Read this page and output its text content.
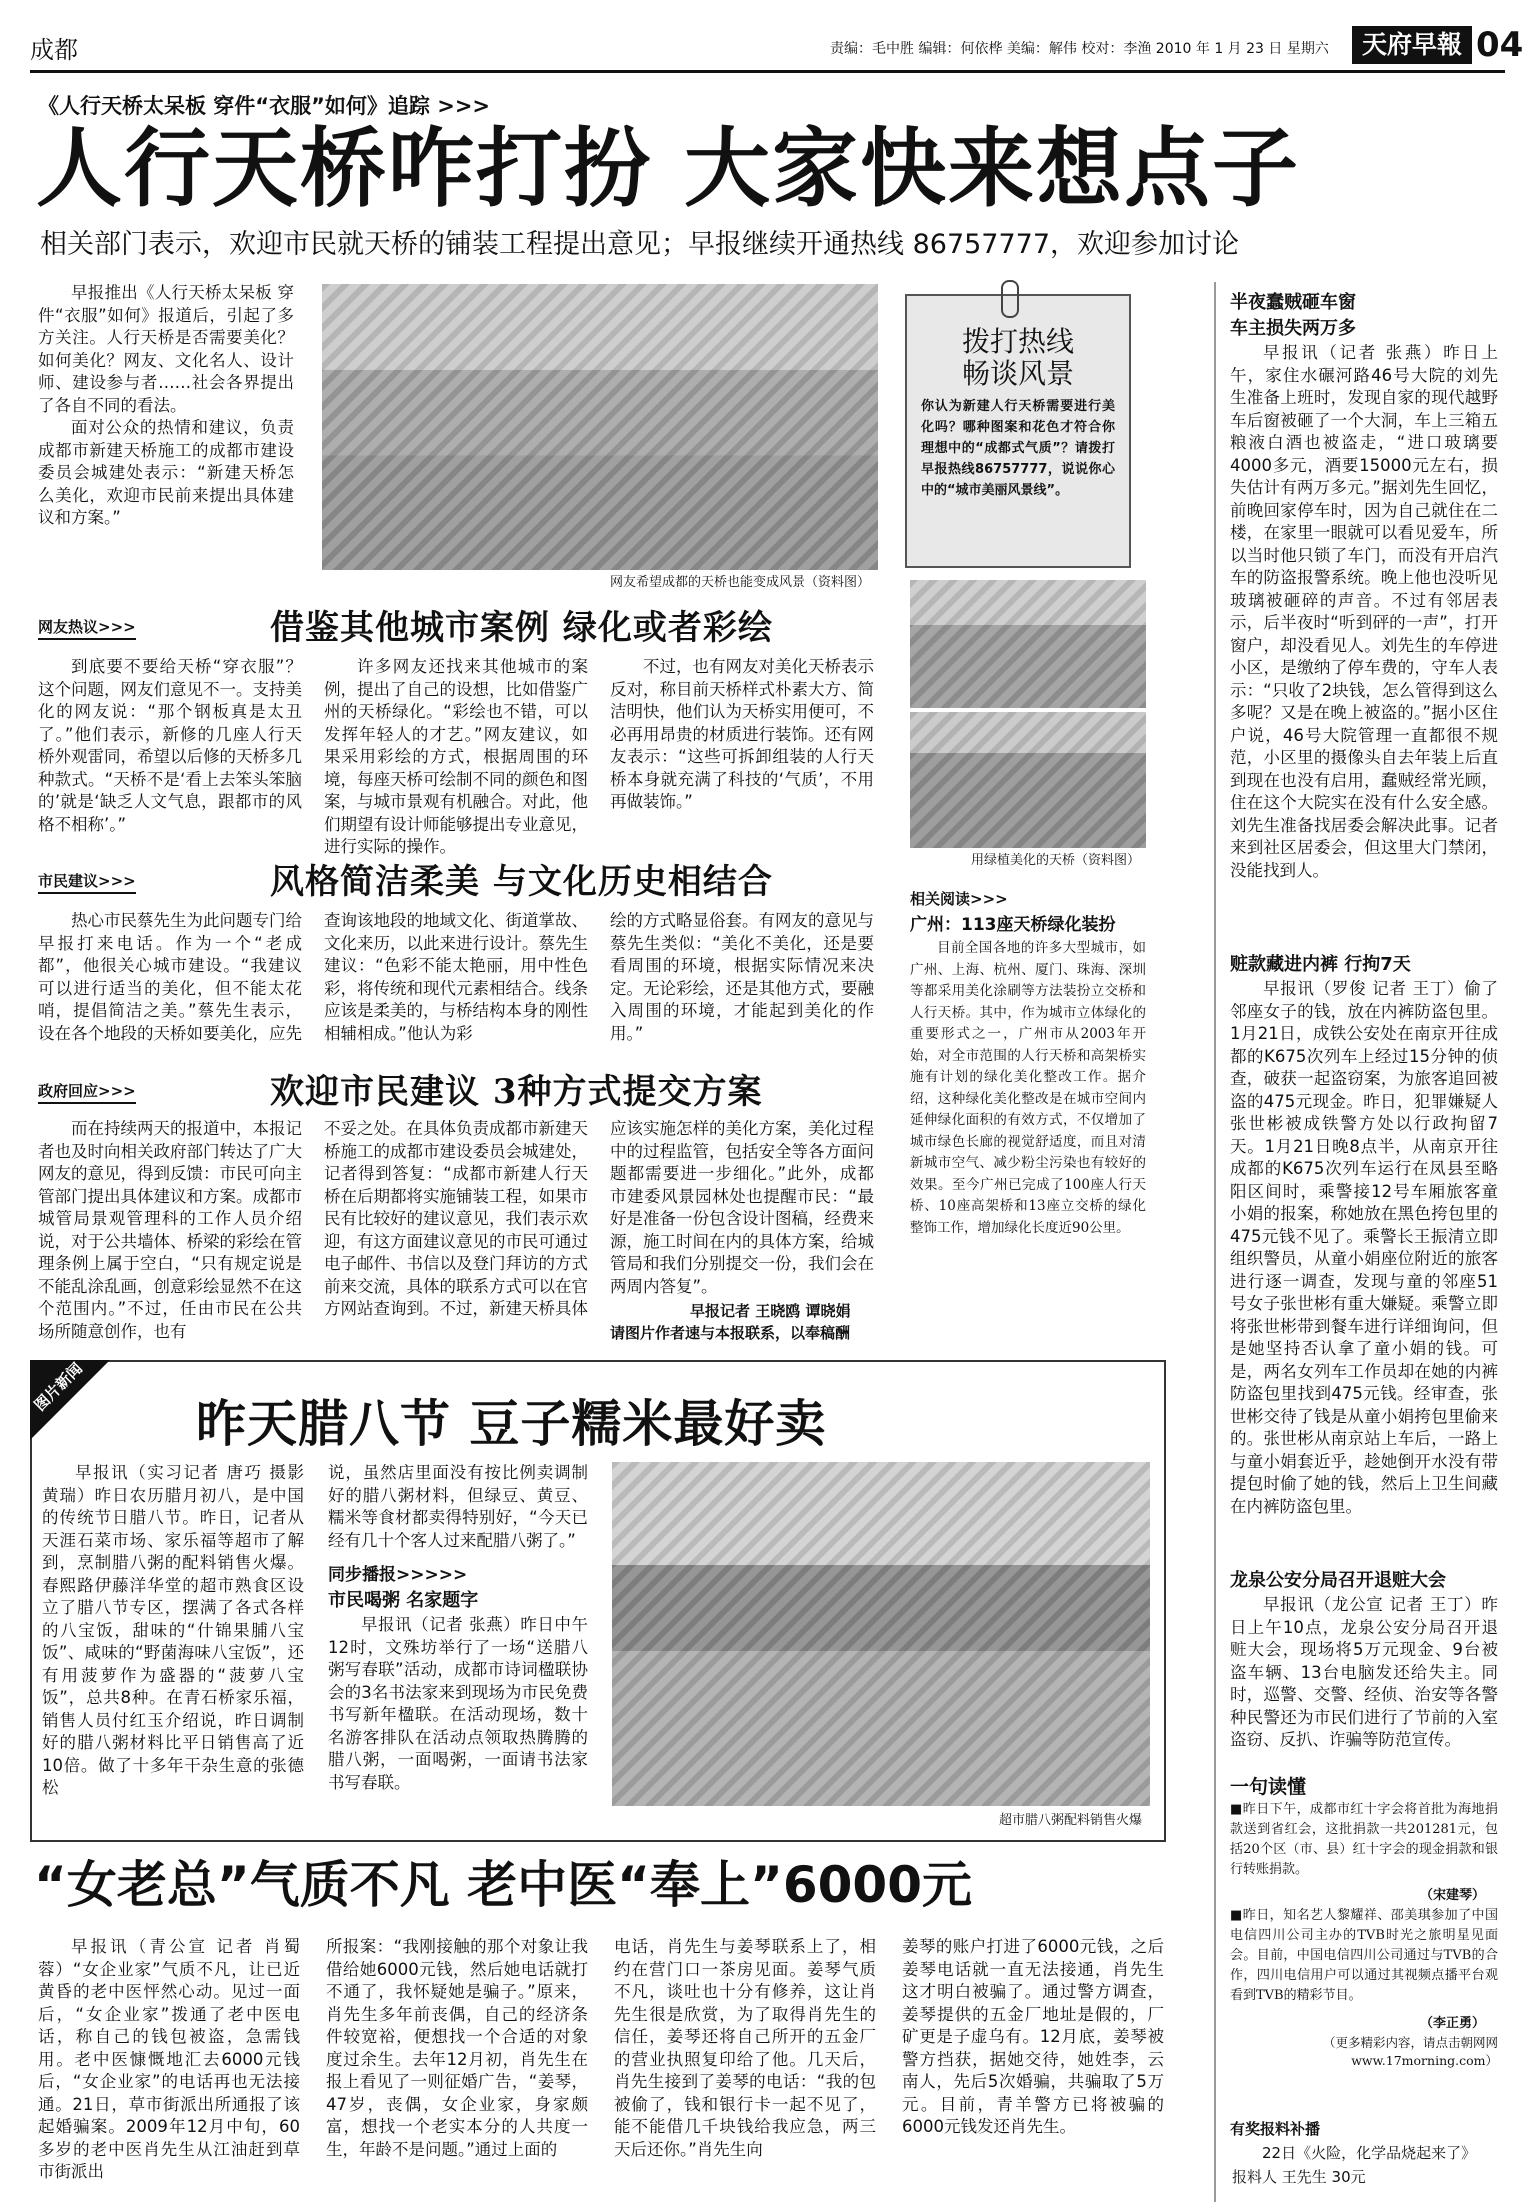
成都	责编：毛中胜 编辑：何依桦 美编：解伟 校对：李渔 2010 年 1 月 23 日 星期六	天府早報 04
《人行天桥太呆板 穿件“衣服”如何》追踪 >>>
人行天桥咋打扮 大家快来想点子
相关部门表示，欢迎市民就天桥的铺装工程提出意见；早报继续开通热线 86757777，欢迎参加讨论

早报推出《人行天桥太呆板 穿件“衣服”如何》报道后，引起了多方关注。人行天桥是否需要美化？如何美化？网友、文化名人、设计师、建设参与者……社会各界提出了各自不同的看法。

面对公众的热情和建议，负责成都市新建天桥施工的成都市建设委员会城建处表示：“新建天桥怎么美化，欢迎市民前来提出具体建议和方案。”

网友希望成都的天桥也能变成风景（资料图）
拨打热线
畅谈风景
你认为新建人行天桥需要进行美化吗？哪种图案和花色才符合你理想中的“成都式气质”？请拨打早报热线86757777，说说你心中的“城市美丽风景线”。
网友热议>>>	借鉴其他城市案例 绿化或者彩绘
到底要不要给天桥“穿衣服”？这个问题，网友们意见不一。支持美化的网友说：“那个钢板真是太丑了。”他们表示，新修的几座人行天桥外观雷同，希望以后修的天桥多几种款式。“天桥不是‘看上去笨头笨脑的’就是‘缺乏人文气息，跟都市的风格不相称’。”
许多网友还找来其他城市的案例，提出了自己的设想，比如借鉴广州的天桥绿化。“彩绘也不错，可以发挥年轻人的才艺。”网友建议，如果采用彩绘的方式，根据周围的环境，每座天桥可绘制不同的颜色和图案，与城市景观有机融合。对此，他们期望有设计师能够提出专业意见，进行实际的操作。
不过，也有网友对美化天桥表示反对，称目前天桥样式朴素大方、简洁明快，他们认为天桥实用便可，不必再用昂贵的材质进行装饰。还有网友表示：“这些可拆卸组装的人行天桥本身就充满了科技的‘气质’，不用再做装饰。”
市民建议>>>	风格简洁柔美 与文化历史相结合
热心市民蔡先生为此问题专门给早报打来电话。作为一个“老成都”，他很关心城市建设。“我建议可以进行适当的美化，但不能太花哨，提倡简洁之美。”蔡先生表示，设在各个地段的天桥如要美化，应先
查询该地段的地域文化、街道掌故、文化来历，以此来进行设计。蔡先生建议：“色彩不能太艳丽，用中性色彩，将传统和现代元素相结合。线条应该是柔美的，与桥结构本身的刚性相辅相成。”他认为彩
绘的方式略显俗套。有网友的意见与蔡先生类似：“美化不美化，还是要看周围的环境，根据实际情况来决定。无论彩绘，还是其他方式，要融入周围的环境，才能起到美化的作用。”
政府回应>>>	欢迎市民建议 3种方式提交方案
而在持续两天的报道中，本报记者也及时向相关政府部门转达了广大网友的意见，得到反馈：市民可向主管部门提出具体建议和方案。成都市城管局景观管理科的工作人员介绍说，对于公共墙体、桥梁的彩绘在管理条例上属于空白，“只有规定说是不能乱涂乱画，创意彩绘显然不在这个范围内。”不过，任由市民在公共场所随意创作，也有
不妥之处。在具体负责成都市新建天桥施工的成都市建设委员会城建处，记者得到答复：“成都市新建人行天桥在后期都将实施铺装工程，如果市民有比较好的建议意见，我们表示欢迎，有这方面建议意见的市民可通过电子邮件、书信以及登门拜访的方式前来交流，具体的联系方式可以在官方网站查询到。不过，新建天桥具体
应该实施怎样的美化方案，美化过程中的过程监管，包括安全等各方面问题都需要进一步细化。”此外，成都市建委风景园林处也提醒市民：“最好是准备一份包含设计图稿，经费来源，施工时间在内的具体方案，给城管局和我们分别提交一份，我们会在两周内答复”。
早报记者 王晓鸥 谭晓娟
请图片作者速与本报联系，以奉稿酬
用绿植美化的天桥（资料图）
相关阅读>>>
广州：113座天桥绿化装扮
目前全国各地的许多大型城市，如广州、上海、杭州、厦门、珠海、深圳等都采用美化涂刷等方法装扮立交桥和人行天桥。其中，作为城市立体绿化的重要形式之一，广州市从2003年开始，对全市范围的人行天桥和高架桥实施有计划的绿化美化整改工作。据介绍，这种绿化美化整改是在城市空间内延伸绿化面积的有效方式，不仅增加了城市绿色长廊的视觉舒适度，而且对清新城市空气、减少粉尘污染也有较好的效果。至今广州已完成了100座人行天桥、10座高架桥和13座立交桥的绿化整饰工作，增加绿化长度近90公里。
半夜蠢贼砸车窗
车主损失两万多
早报讯（记者 张燕）昨日上午，家住水碾河路46号大院的刘先生准备上班时，发现自家的现代越野车后窗被砸了一个大洞，车上三箱五粮液白酒也被盗走，“进口玻璃要4000多元，酒要15000元左右，损失估计有两万多元。”据刘先生回忆，前晚回家停车时，因为自己就住在二楼，在家里一眼就可以看见爱车，所以当时他只锁了车门，而没有开启汽车的防盗报警系统。晚上他也没听见玻璃被砸碎的声音。不过有邻居表示，后半夜时“听到砰的一声”，打开窗户，却没看见人。刘先生的车停进小区，是缴纳了停车费的，守车人表示：“只收了2块钱，怎么管得到这么多呢？又是在晚上被盗的。”据小区住户说，46号大院管理一直都很不规范，小区里的摄像头自去年装上后直到现在也没有启用，蠢贼经常光顾，住在这个大院实在没有什么安全感。刘先生准备找居委会解决此事。记者来到社区居委会，但这里大门禁闭，没能找到人。
赃款藏进内裤 行拘7天
早报讯（罗俊 记者 王丁）偷了邻座女子的钱，放在内裤防盗包里。1月21日，成铁公安处在南京开往成都的K675次列车上经过15分钟的侦查，破获一起盗窃案，为旅客追回被盗的475元现金。昨日，犯罪嫌疑人张世彬被成铁警方处以行政拘留7天。1月21日晚8点半，从南京开往成都的K675次列车运行在凤县至略阳区间时，乘警接12号车厢旅客童小娟的报案，称她放在黑色挎包里的475元钱不见了。乘警长王振清立即组织警员，从童小娟座位附近的旅客进行逐一调查，发现与童的邻座51号女子张世彬有重大嫌疑。乘警立即将张世彬带到餐车进行详细询问，但是她坚持否认拿了童小娟的钱。可是，两名女列车工作员却在她的内裤防盗包里找到475元钱。经审查，张世彬交待了钱是从童小娟挎包里偷来的。张世彬从南京站上车后，一路上与童小娟套近乎，趁她倒开水没有带提包时偷了她的钱，然后上卫生间藏在内裤防盗包里。
龙泉公安分局召开退赃大会
早报讯（龙公宣 记者 王丁）昨日上午10点，龙泉公安分局召开退赃大会，现场将5万元现金、9台被盗车辆、13台电脑发还给失主。同时，巡警、交警、经侦、治安等各警种民警还为市民们进行了节前的入室盗窃、反扒、诈骗等防范宣传。
一句读懂
■昨日下午，成都市红十字会将首批为海地捐款送到省红会，这批捐款一共201281元，包括20个区（市、县）红十字会的现金捐款和银行转账捐款。
（宋建琴）
■昨日，知名艺人黎耀祥、邵美琪参加了中国电信四川公司主办的TVB时光之旅明星见面会。目前，中国电信四川公司通过与TVB的合作，四川电信用户可以通过其视频点播平台观看到TVB的精彩节目。
（李正勇）
（更多精彩内容，请点击朝网网www.17morning.com）
有奖报料补播
22日《火险，化学品烧起来了》
报料人 王先生 30元
图片新闻
昨天腊八节 豆子糯米最好卖
早报讯（实习记者 唐巧 摄影 黄瑞）昨日农历腊月初八，是中国的传统节日腊八节。昨日，记者从天涯石菜市场、家乐福等超市了解到，烹制腊八粥的配料销售火爆。春熙路伊藤洋华堂的超市熟食区设立了腊八节专区，摆满了各式各样的八宝饭，甜味的“什锦果脯八宝饭”、咸味的“野菌海味八宝饭”，还有用菠萝作为盛器的“菠萝八宝饭”，总共8种。在青石桥家乐福，销售人员付红玉介绍说，昨日调制好的腊八粥材料比平日销售高了近10倍。做了十多年干杂生意的张德松
说，虽然店里面没有按比例卖调制好的腊八粥材料，但绿豆、黄豆、糯米等食材都卖得特别好，“今天已经有几十个客人过来配腊八粥了。”
同步播报>>>>>
市民喝粥 名家题字
早报讯（记者 张燕）昨日中午12时，文殊坊举行了一场“送腊八粥写春联”活动，成都市诗词楹联协会的3名书法家来到现场为市民免费书写新年楹联。在活动现场，数十名游客排队在活动点领取热腾腾的腊八粥，一面喝粥，一面请书法家书写春联。
超市腊八粥配料销售火爆
“女老总”气质不凡 老中医“奉上”6000元
早报讯（青公宣 记者 肖蜀蓉）“女企业家”气质不凡，让已近黄昏的老中医怦然心动。见过一面后，“女企业家”拨通了老中医电话，称自己的钱包被盗，急需钱用。老中医慷慨地汇去6000元钱后，“女企业家”的电话再也无法接通。21日，草市街派出所通报了该起婚骗案。2009年12月中旬，60多岁的老中医肖先生从江油赶到草市街派出
所报案：“我刚接触的那个对象让我借给她6000元钱，然后她电话就打不通了，我怀疑她是骗子。”原来，肖先生多年前丧偶，自己的经济条件较宽裕，便想找一个合适的对象度过余生。去年12月初，肖先生在报上看见了一则征婚广告，“姜琴，47岁，丧偶，女企业家，身家颇富，想找一个老实本分的人共度一生，年龄不是问题。”通过上面的
电话，肖先生与姜琴联系上了，相约在营门口一茶房见面。姜琴气质不凡，谈吐也十分有修养，这让肖先生很是欣赏，为了取得肖先生的信任，姜琴还将自己所开的五金厂的营业执照复印给了他。几天后，肖先生接到了姜琴的电话：“我的包被偷了，钱和银行卡一起不见了，能不能借几千块钱给我应急，两三天后还你。”肖先生向
姜琴的账户打进了6000元钱，之后姜琴电话就一直无法接通，肖先生这才明白被骗了。通过警方调查，姜琴提供的五金厂地址是假的，厂矿更是子虚乌有。12月底，姜琴被警方挡获，据她交待，她姓李，云南人，先后5次婚骗，共骗取了5万元。目前，青羊警方已将被骗的6000元钱发还肖先生。
